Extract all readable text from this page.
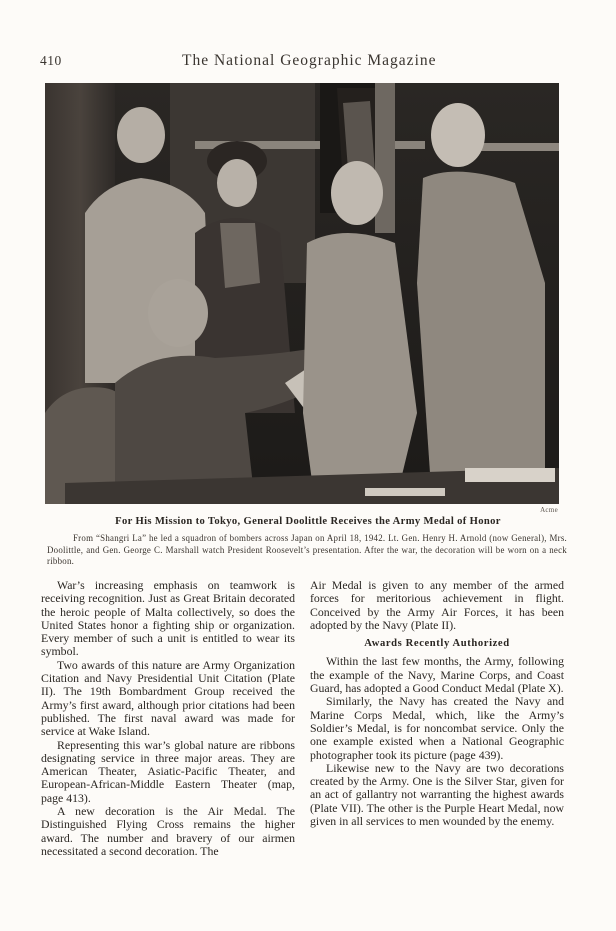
410	The National Geographic Magazine
Acme
For His Mission to Tokyo, General Doolittle Receives the Army Medal of Honor

From “Shangri La” he led a squadron of bombers across Japan on April 18, 1942. Lt. Gen. Henry H. Arnold (now General), Mrs. Doolittle, and Gen. George C. Marshall watch President Roosevelt’s presentation. After the war, the decoration will be worn on a neck ribbon.

War’s increasing emphasis on teamwork is receiving recognition. Just as Great Britain decorated the heroic people of Malta collectively, so does the United States honor a fighting ship or organization. Every member of such a unit is entitled to wear its symbol.

Two awards of this nature are Army Organization Citation and Navy Presidential Unit Citation (Plate II). The 19th Bombardment Group received the Army’s first award, although prior citations had been published. The first naval award was made for service at Wake Island.

Representing this war’s global nature are ribbons designating service in three major areas. They are American Theater, Asiatic-Pacific Theater, and European-African-Middle Eastern Theater (map, page 413).

A new decoration is the Air Medal. The Distinguished Flying Cross remains the higher award. The number and bravery of our airmen necessitated a second decoration. The

Air Medal is given to any member of the armed forces for meritorious achievement in flight. Conceived by the Army Air Forces, it has been adopted by the Navy (Plate II).

Awards Recently Authorized

Within the last few months, the Army, following the example of the Navy, Marine Corps, and Coast Guard, has adopted a Good Conduct Medal (Plate X).

Similarly, the Navy has created the Navy and Marine Corps Medal, which, like the Army’s Soldier’s Medal, is for noncombat service. Only the one example existed when a National Geographic photographer took its picture (page 439).

Likewise new to the Navy are two decorations created by the Army. One is the Silver Star, given for an act of gallantry not warranting the highest awards (Plate VII). The other is the Purple Heart Medal, now given in all services to men wounded by the enemy.
